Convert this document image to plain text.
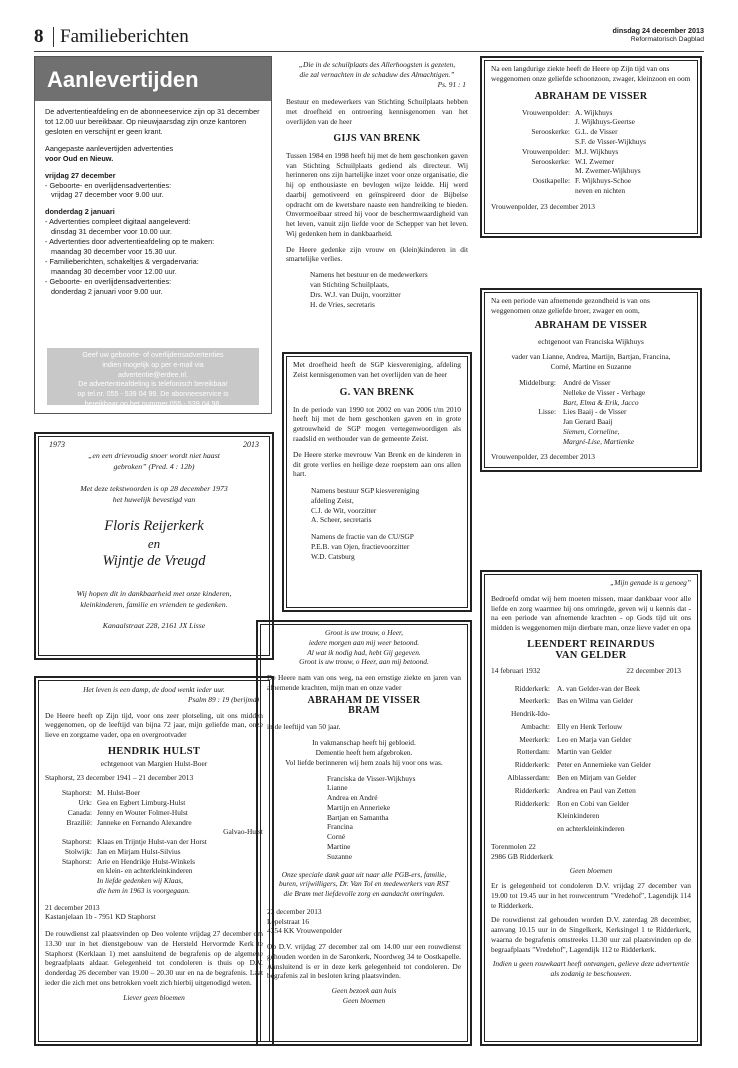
8 Familieberichten	dinsdag 24 december 2013
Reformatorisch Dagblad
Aanlevertijden

De advertentieafdeling en de abonneeservice zijn op 31 december tot 12.00 uur bereikbaar. Op nieuwjaarsdag zijn onze kantoren gesloten en verschijnt er geen krant.

Aangepaste aanlevertijden advertenties
voor Oud en Nieuw.
vrijdag 27 december
- Geboorte- en overlijdensadvertenties:
vrijdag 27 december voor 9.00 uur.
donderdag 2 januari
- Advertenties compleet digitaal aangeleverd:
dinsdag 31 december voor 10.00 uur.
- Advertenties door advertentieafdeling op te maken:
maandag 30 december voor 15.30 uur.
- Familieberichten, schakeltjes & vergadervaria:
maandag 30 december voor 12.00 uur.
- Geboorte- en overlijdensadvertenties:
donderdag 2 januari voor 9.00 uur.
Geef uw geboorte- of overlijdensadvertenties
indien mogelijk op per e-mail via
advertentie@erdee.nl.
De advertentieafdeling is telefonisch bereikbaar
op tel.nr. 055 - 539 04 99. De abonneeservice is
bereikbaar op het nummer 055 - 539 04 98.
1973	2013
„en een drievoudig snoer wordt niet haast
gebroken” (Pred. 4 : 12b)
Met deze tekstwoorden is op 28 december 1973
het huwelijk bevestigd van
Floris Reijerkerk
en
Wijntje de Vreugd
Wij hopen dit in dankbaarheid met onze kinderen,
kleinkinderen, familie en vrienden te gedenken.
Kanaalstraat 228, 2161 JX Lisse
Het leven is een damp, de dood wenkt ieder uur.
Psalm 89 : 19 (berijmd)

De Heere heeft op Zijn tijd, voor ons zeer plotseling, uit ons midden weggenomen, op de leeftijd van bijna 72 jaar, mijn geliefde man, onze lieve en zorgzame vader, opa en overgrootvader

HENDRIK HULST
echtgenoot van Margien Hulst-Boer
Staphorst, 23 december 1941 – 21 december 2013
Staphorst: M. Hulst-Boer
Urk: Gea en Egbert Limburg-Hulst
Canada: Jenny en Wouter Folmer-Hulst
Brazilië: Janneke en Fernando Alexandre
Galvao-Hulst
Staphorst: Klaas en Trijntje Hulst-van der Horst
Stolwijk: Jan en Mirjam Hulst-Silvius
Staphorst: Arie en Hendrikje Hulst-Winkels
en klein- en achterkleinkinderen
In liefde gedenken wij Klaas,
die hem in 1963 is voorgegaan.
21 december 2013
Kastanjelaan 1b - 7951 KD Staphorst

De rouwdienst zal plaatsvinden op Deo volente vrijdag 27 december om 13.30 uur in het dienstgebouw van de Hersteld Hervormde Kerk te Staphorst (Kerklaan 1) met aansluitend de begrafenis op de algemene begraafplaats aldaar. Gelegenheid tot condoleren is thuis op D.V. donderdag 26 december van 19.00 – 20.30 uur en na de begrafenis. Laat ieder die zich met ons betrokken voelt zich hierbij uitgenodigd weten.

Liever geen bloemen
„Die in de schuilplaats des Allerhoogsten is gezeten, die zal vernachten in de schaduw des Almachtigen.”
Ps. 91 : 1

Bestuur en medewerkers van Stichting Schuilplaats hebben met droefheid en ontroering kennisgenomen van het overlijden van de heer

GIJS VAN BRENK

Tussen 1984 en 1998 heeft hij met de hem geschonken gaven van Stichting Schuilplaats gediend als directeur. Wij herinneren ons zijn hartelijke inzet voor onze organisatie, die hij op enthousiaste en bevlogen wijze leidde. Hij werd daarbij gemotiveerd en geïnspireerd door de Bijbelse opdracht om de kwetsbare naaste een handreiking te bieden. Onvermoeibaar streed hij voor de beschermwaardigheid van het leven, vanuit zijn liefde voor de Schepper van het leven. Wij gedenken hem in dankbaarheid.

De Heere gedenke zijn vrouw en (klein)kinderen in dit smartelijke verlies.

Namens het bestuur en de medewerkers
van Stichting Schuilplaats,
Drs. W.J. van Duijn, voorzitter
H. de Vries, secretaris

Met droefheid heeft de SGP kiesvereniging, afdeling Zeist kennisgenomen van het overlijden van de heer

G. VAN BRENK

In de periode van 1990 tot 2002 en van 2006 t/m 2010 heeft hij met de hem geschonken gaven en in grote getrouwheid de SGP mogen vertegenwoordigen als raadslid en wethouder van de gemeente Zeist.

De Heere sterke mevrouw Van Brenk en de kinderen in dit grote verlies en heilige deze roepstem aan ons allen hart.

Namens bestuur SGP kiesvereniging
afdeling Zeist,
C.J. de Wit, voorzitter
A. Scheer, secretaris
Namens de fractie van de CU/SGP
P.E.B. van Ojen, fractievoorzitter
W.D. Catsburg
Groot is uw trouw, o Heer,
iedere morgen aan mij weer betoond.
Al wat ik nodig had, hebt Gij gegeven.
Groot is uw trouw, o Heer, aan mij betoond.

De Heere nam van ons weg, na een ernstige ziekte en jaren van afnemende krachten, mijn man en onze vader

ABRAHAM DE VISSER
BRAM
in de leeftijd van 50 jaar.
In vakmanschap heeft hij gebloeid.
Dementie heeft hem afgebroken.
Vol liefde berinneren wij hem zoals hij voor ons was.
Franciska de Visser-Wijkhuys
Lianne
Andrea en André
Martijn en Annerieke
Bartjan en Samantha
Francina
Corné
Martine
Suzanne
Onze speciale dank gaat uit naar alle PGB-ers, familie, buren, vrijwilligers, Dr. Van Tol en medewerkers van RST die Bram met liefdevolle zorg en aandacht omringden.
23 december 2013
Lepelstraat 16
4354 KK Vrouwenpolder

Op D.V. vrijdag 27 december zal om 14.00 uur een rouwdienst gehouden worden in de Saronkerk, Noordweg 34 te Oostkapelle. Aansluitend is er in deze kerk gelegenheid tot condoleren. De begrafenis zal in besloten kring plaatsvinden.

Geen bezoek aan huis
Geen bloemen

Na een langdurige ziekte heeft de Heere op Zijn tijd van ons weggenomen onze geliefde schoonzoon, zwager, kleinzoon en oom

ABRAHAM DE VISSER
Vrouwenpolder: A. Wijkhuys
J. Wijkhuys-Geertse
Serooskerke: G.L. de Visser
S.F. de Visser-Wijkhuys
Vrouwenpolder: M.J. Wijkhuys
Serooskerke: W.I. Zwemer
M. Zwemer-Wijkhuys
Oostkapelle: F. Wijkhuys-Schoe
neven en nichten
Vrouwenpolder, 23 december 2013

Na een periode van afnemende gezondheid is van ons weggenomen onze geliefde broer, zwager en oom,

ABRAHAM DE VISSER
echtgenoot van Franciska Wijkhuys
vader van Lianne, Andrea, Martijn, Bartjan, Francina, Corné, Martine en Suzanne
Middelburg: André de Visser
Nelleke de Visser - Verhage
Bart, Elma & Erik, Jacco
Lisse: Lies Baaij - de Visser
Jan Gerard Baaij
Siemen, Corneline,
Margré-Lise, Martienke
Vrouwenpolder, 23 december 2013
„Mijn genade is u genoeg”

Bedroefd omdat wij hem moeten missen, maar dankbaar voor alle liefde en zorg waarmee hij ons omringde, geven wij u kennis dat - na een periode van afnemende krachten - op Gods tijd uit ons midden is weggenomen mijn dierbare man, onze lieve vader en opa

LEENDERT REINARDUS
VAN GELDER
14 februari 1932	22 december 2013
Ridderkerk: A. van Gelder-van der Beek
Meerkerk: Bas en Wilma van Gelder
Hendrik-Ido-
Ambacht: Elly en Henk Terlouw
Meerkerk: Leo en Marja van Gelder
Rotterdam: Martin van Gelder
Ridderkerk: Peter en Annemieke van Gelder
Alblasserdam: Ben en Mirjam van Gelder
Ridderkerk: Andrea en Paul van Zetten
Ridderkerk: Ron en Cobi van Gelder
Kleinkinderen
en achterkleinkinderen
Torenmolen 22
2986 GB Ridderkerk
Geen bloemen

Er is gelegenheid tot condoleren D.V. vrijdag 27 december van 19.00 tot 19.45 uur in het rouwcentrum "Vredehof", Lagendijk 114 te Ridderkerk.

De rouwdienst zal gehouden worden D.V. zaterdag 28 december, aanvang 10.15 uur in de Singelkerk, Kerksingel 1 te Ridderkerk, waarna de begrafenis omstreeks 11.30 uur zal plaatsvinden op de begraafplaats "Vredehof", Lagendijk 112 te Ridderkerk.

Indien u geen rouwkaart heeft ontvangen, gelieve deze advertentie als zodanig te beschouwen.
